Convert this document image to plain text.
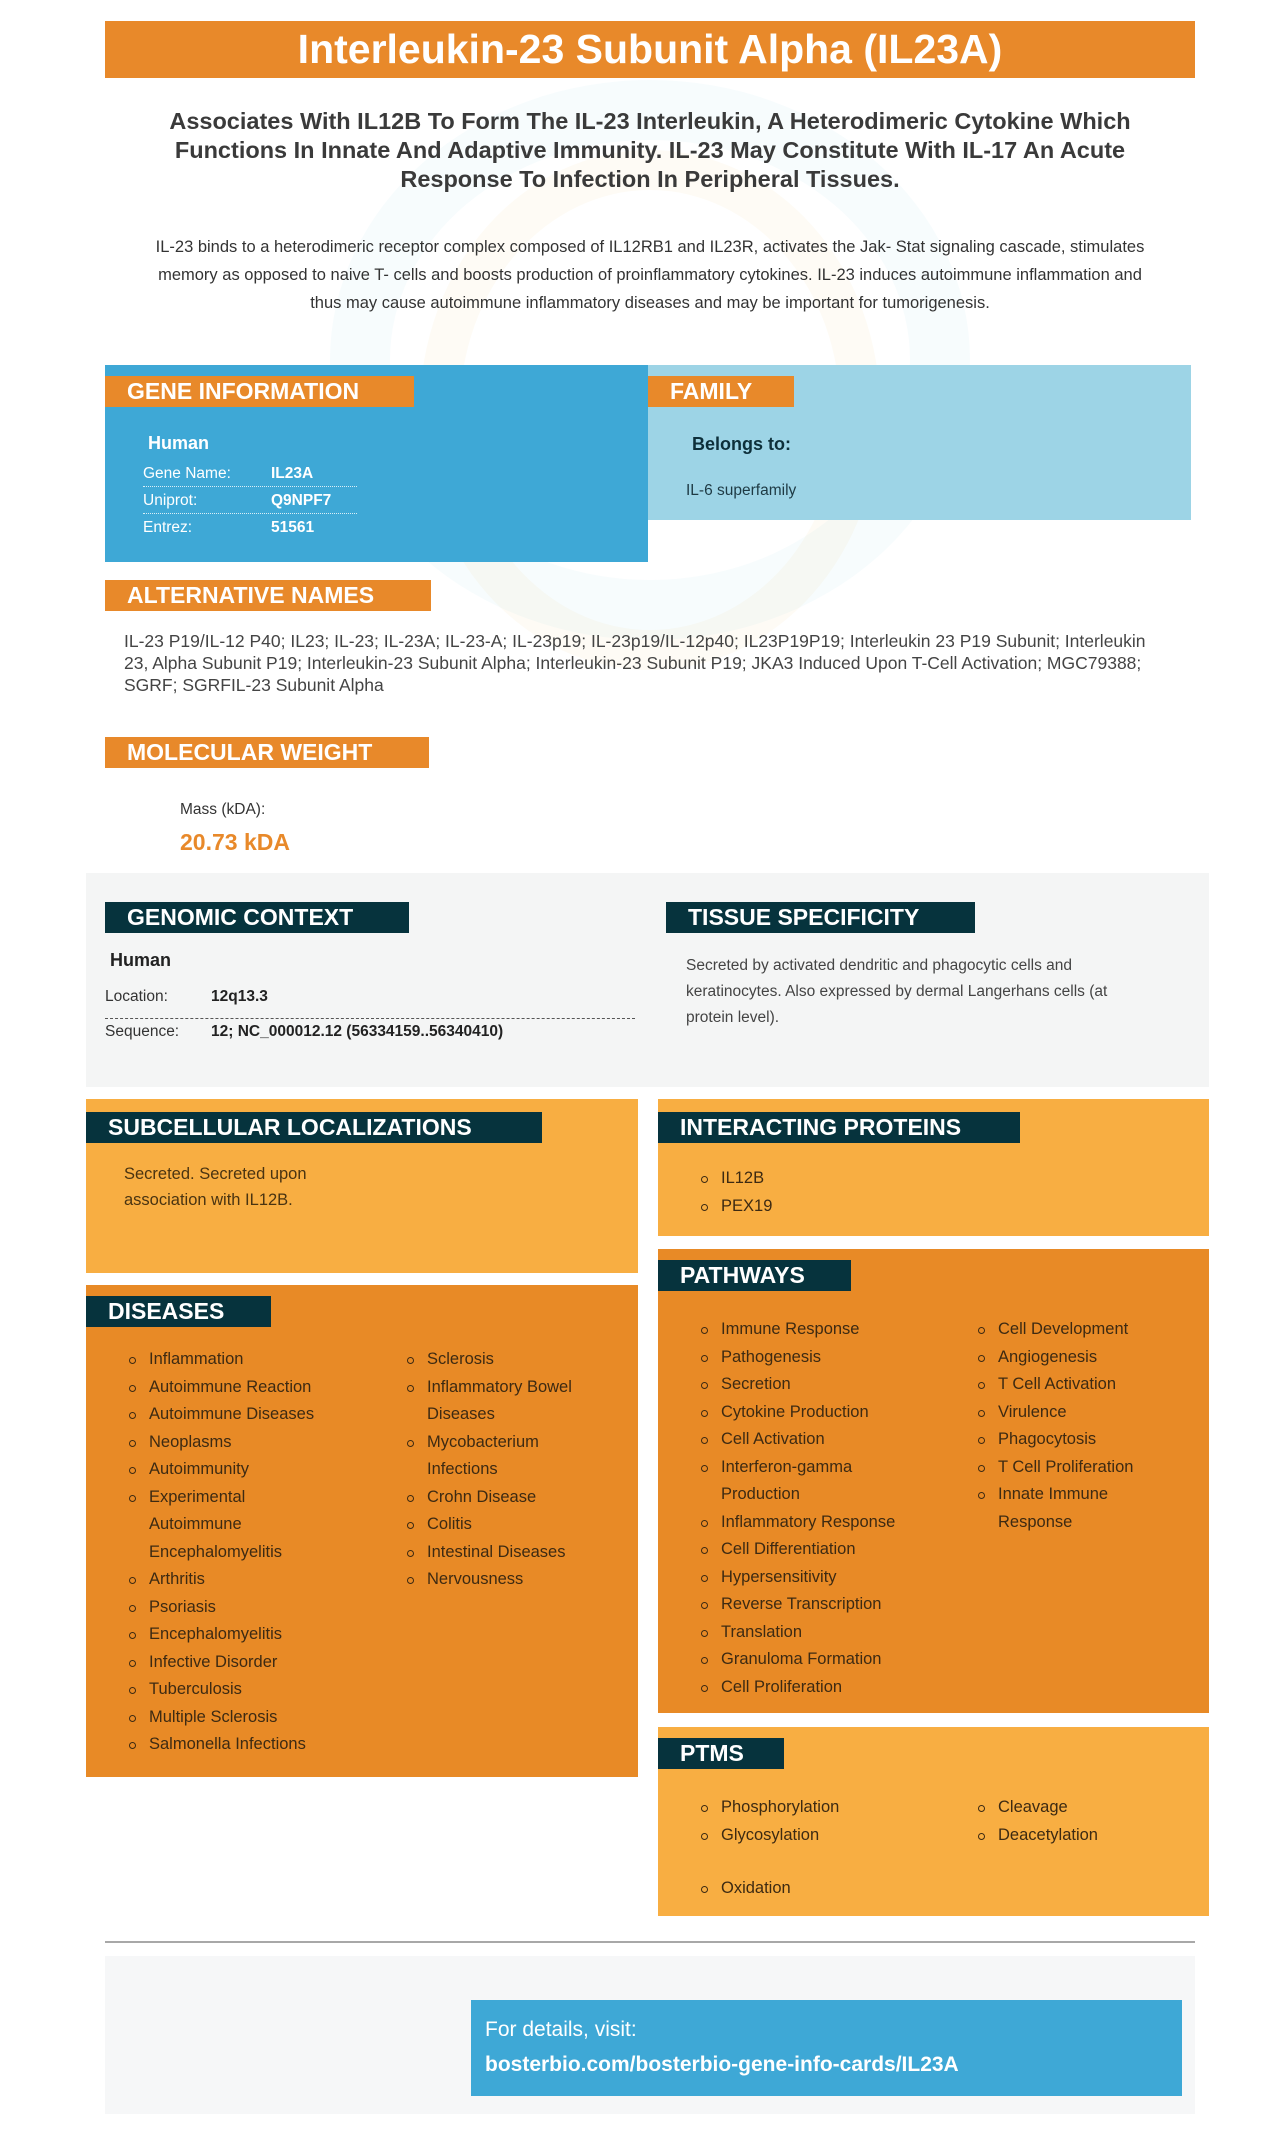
Interleukin-23 Subunit Alpha (IL23A)
Associates With IL12B To Form The IL-23 Interleukin, A Heterodimeric Cytokine Which Functions In Innate And Adaptive Immunity. IL-23 May Constitute With IL-17 An Acute Response To Infection In Peripheral Tissues.
IL-23 binds to a heterodimeric receptor complex composed of IL12RB1 and IL23R, activates the Jak- Stat signaling cascade, stimulates memory as opposed to naive T- cells and boosts production of proinflammatory cytokines. IL-23 induces autoimmune inflammation and thus may cause autoimmune inflammatory diseases and may be important for tumorigenesis.
GENE INFORMATION
Human
Gene Name:	IL23A
Uniprot:	Q9NPF7
Entrez:	51561
FAMILY
Belongs to:
IL-6 superfamily
ALTERNATIVE NAMES
IL-23 P19/IL-12 P40; IL23; IL-23; IL-23A; IL-23-A; IL-23p19; IL-23p19/IL-12p40; IL23P19P19; Interleukin 23 P19 Subunit; Interleukin 23, Alpha Subunit P19; Interleukin-23 Subunit Alpha; Interleukin-23 Subunit P19; JKA3 Induced Upon T-Cell Activation; MGC79388; SGRF; SGRFIL-23 Subunit Alpha
MOLECULAR WEIGHT
Mass (kDA):
20.73 kDA
GENOMIC CONTEXT
Human
Location:	12q13.3
Sequence: 12; NC_000012.12 (56334159..56340410)
TISSUE SPECIFICITY
Secreted by activated dendritic and phagocytic cells and keratinocytes. Also expressed by dermal Langerhans cells (at protein level).
SUBCELLULAR LOCALIZATIONS
Secreted. Secreted upon association with IL12B.
DISEASES
Inflammation
Autoimmune Reaction
Autoimmune Diseases
Neoplasms
Autoimmunity
Experimental Autoimmune Encephalomyelitis
Arthritis
Psoriasis
Encephalomyelitis
Infective Disorder
Tuberculosis
Multiple Sclerosis
Salmonella Infections
Sclerosis
Inflammatory Bowel Diseases
Mycobacterium Infections
Crohn Disease
Colitis
Intestinal Diseases
Nervousness
INTERACTING PROTEINS
IL12B
PEX19
PATHWAYS
Immune Response
Pathogenesis
Secretion
Cytokine Production
Cell Activation
Interferon-gamma Production
Inflammatory Response
Cell Differentiation
Hypersensitivity
Reverse Transcription
Translation
Granuloma Formation
Cell Proliferation
Cell Development
Angiogenesis
T Cell Activation
Virulence
Phagocytosis
T Cell Proliferation
Innate Immune Response
PTMS
Phosphorylation
Glycosylation
Cleavage
Deacetylation
Oxidation
For details, visit:
bosterbio.com/bosterbio-gene-info-cards/IL23A
